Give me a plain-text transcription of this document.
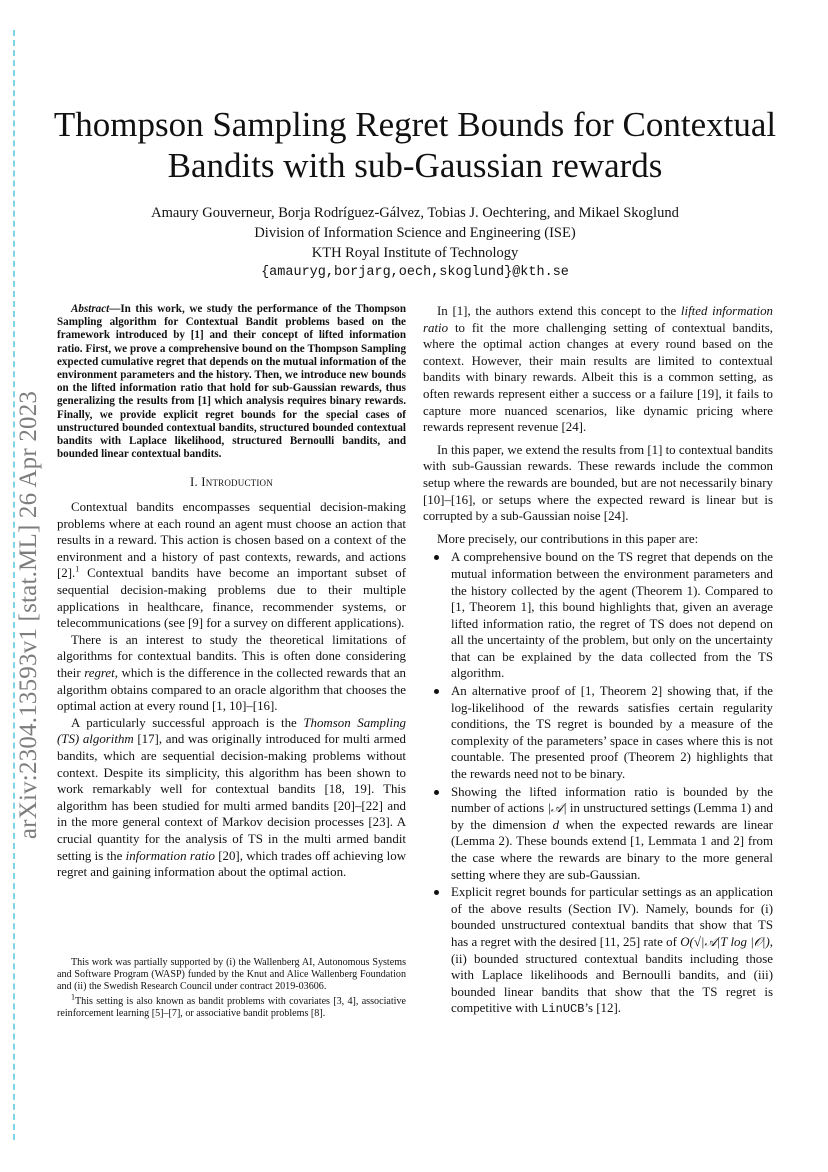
arXiv:2304.13593v1 [stat.ML] 26 Apr 2023
Thompson Sampling Regret Bounds for Contextual Bandits with sub-Gaussian rewards
Amaury Gouverneur, Borja Rodríguez-Gálvez, Tobias J. Oechtering, and Mikael Skoglund
Division of Information Science and Engineering (ISE)
KTH Royal Institute of Technology
{amauryg,borjarg,oech,skoglund}@kth.se

Abstract—In this work, we study the performance of the Thompson Sampling algorithm for Contextual Bandit problems based on the framework introduced by [1] and their concept of lifted information ratio. First, we prove a comprehensive bound on the Thompson Sampling expected cumulative regret that depends on the mutual information of the environment parameters and the history. Then, we introduce new bounds on the lifted information ratio that hold for sub-Gaussian rewards, thus generalizing the results from [1] which analysis requires binary rewards. Finally, we provide explicit regret bounds for the special cases of unstructured bounded contextual bandits, structured bounded contextual bandits with Laplace likelihood, structured Bernoulli bandits, and bounded linear contextual bandits.

I. Introduction

Contextual bandits encompasses sequential decision-making problems where at each round an agent must choose an action that results in a reward. This action is chosen based on a context of the environment and a history of past contexts, rewards, and actions [2].$^1$ Contextual bandits have become an important subset of sequential decision-making problems due to their multiple applications in healthcare, finance, recommender systems, or telecommunications (see [9] for a survey on different applications).

There is an interest to study the theoretical limitations of algorithms for contextual bandits. This is often done considering their regret, which is the difference in the collected rewards that an algorithm obtains compared to an oracle algorithm that chooses the optimal action at every round [1, 10]–[16].

A particularly successful approach is the Thomson Sampling (TS) algorithm [17], and was originally introduced for multi armed bandits, which are sequential decision-making problems without context. Despite its simplicity, this algorithm has been shown to work remarkably well for contextual bandits [18, 19]. This algorithm has been studied for multi armed bandits [20]–[22] and in the more general context of Markov decision processes [23]. A crucial quantity for the analysis of TS in the multi armed bandit setting is the information ratio [20], which trades off achieving low regret and gaining information about the optimal action.

This work was partially supported by (i) the Wallenberg AI, Autonomous Systems and Software Program (WASP) funded by the Knut and Alice Wallenberg Foundation and (ii) the Swedish Research Council under contract 2019-03606.

$^1$This setting is also known as bandit problems with covariates [3, 4], associative reinforcement learning [5]–[7], or associative bandit problems [8].

In [1], the authors extend this concept to the lifted information ratio to fit the more challenging setting of contextual bandits, where the optimal action changes at every round based on the context. However, their main results are limited to contextual bandits with binary rewards. Albeit this is a common setting, as often rewards represent either a success or a failure [19], it fails to capture more nuanced scenarios, like dynamic pricing where rewards represent revenue [24].

In this paper, we extend the results from [1] to contextual bandits with sub-Gaussian rewards. These rewards include the common setup where the rewards are bounded, but are not necessarily binary [10]–[16], or setups where the expected reward is linear but is corrupted by a sub-Gaussian noise [24].

More precisely, our contributions in this paper are:

A comprehensive bound on the TS regret that depends on the mutual information between the environment parameters and the history collected by the agent (Theorem 1). Compared to [1, Theorem 1], this bound highlights that, given an average lifted information ratio, the regret of TS does not depend on all the uncertainty of the problem, but only on the uncertainty that can be explained by the data collected from the TS algorithm.
An alternative proof of [1, Theorem 2] showing that, if the log-likelihood of the rewards satisfies certain regularity conditions, the TS regret is bounded by a measure of the complexity of the parameters’ space in cases where this is not countable. The presented proof (Theorem 2) highlights that the rewards need not to be binary.
Showing the lifted information ratio is bounded by the number of actions |𝒜| in unstructured settings (Lemma 1) and by the dimension d when the expected rewards are linear (Lemma 2). These bounds extend [1, Lemmata 1 and 2] from the case where the rewards are binary to the more general setting where they are sub-Gaussian.
Explicit regret bounds for particular settings as an application of the above results (Section IV). Namely, bounds for (i) bounded unstructured contextual bandits that show that TS has a regret with the desired [11, 25] rate of O(√|𝒜|T log |𝒪|), (ii) bounded structured contextual bandits including those with Laplace likelihoods and Bernoulli bandits, and (iii) bounded linear bandits that show that the TS regret is competitive with LinUCB’s [12].
